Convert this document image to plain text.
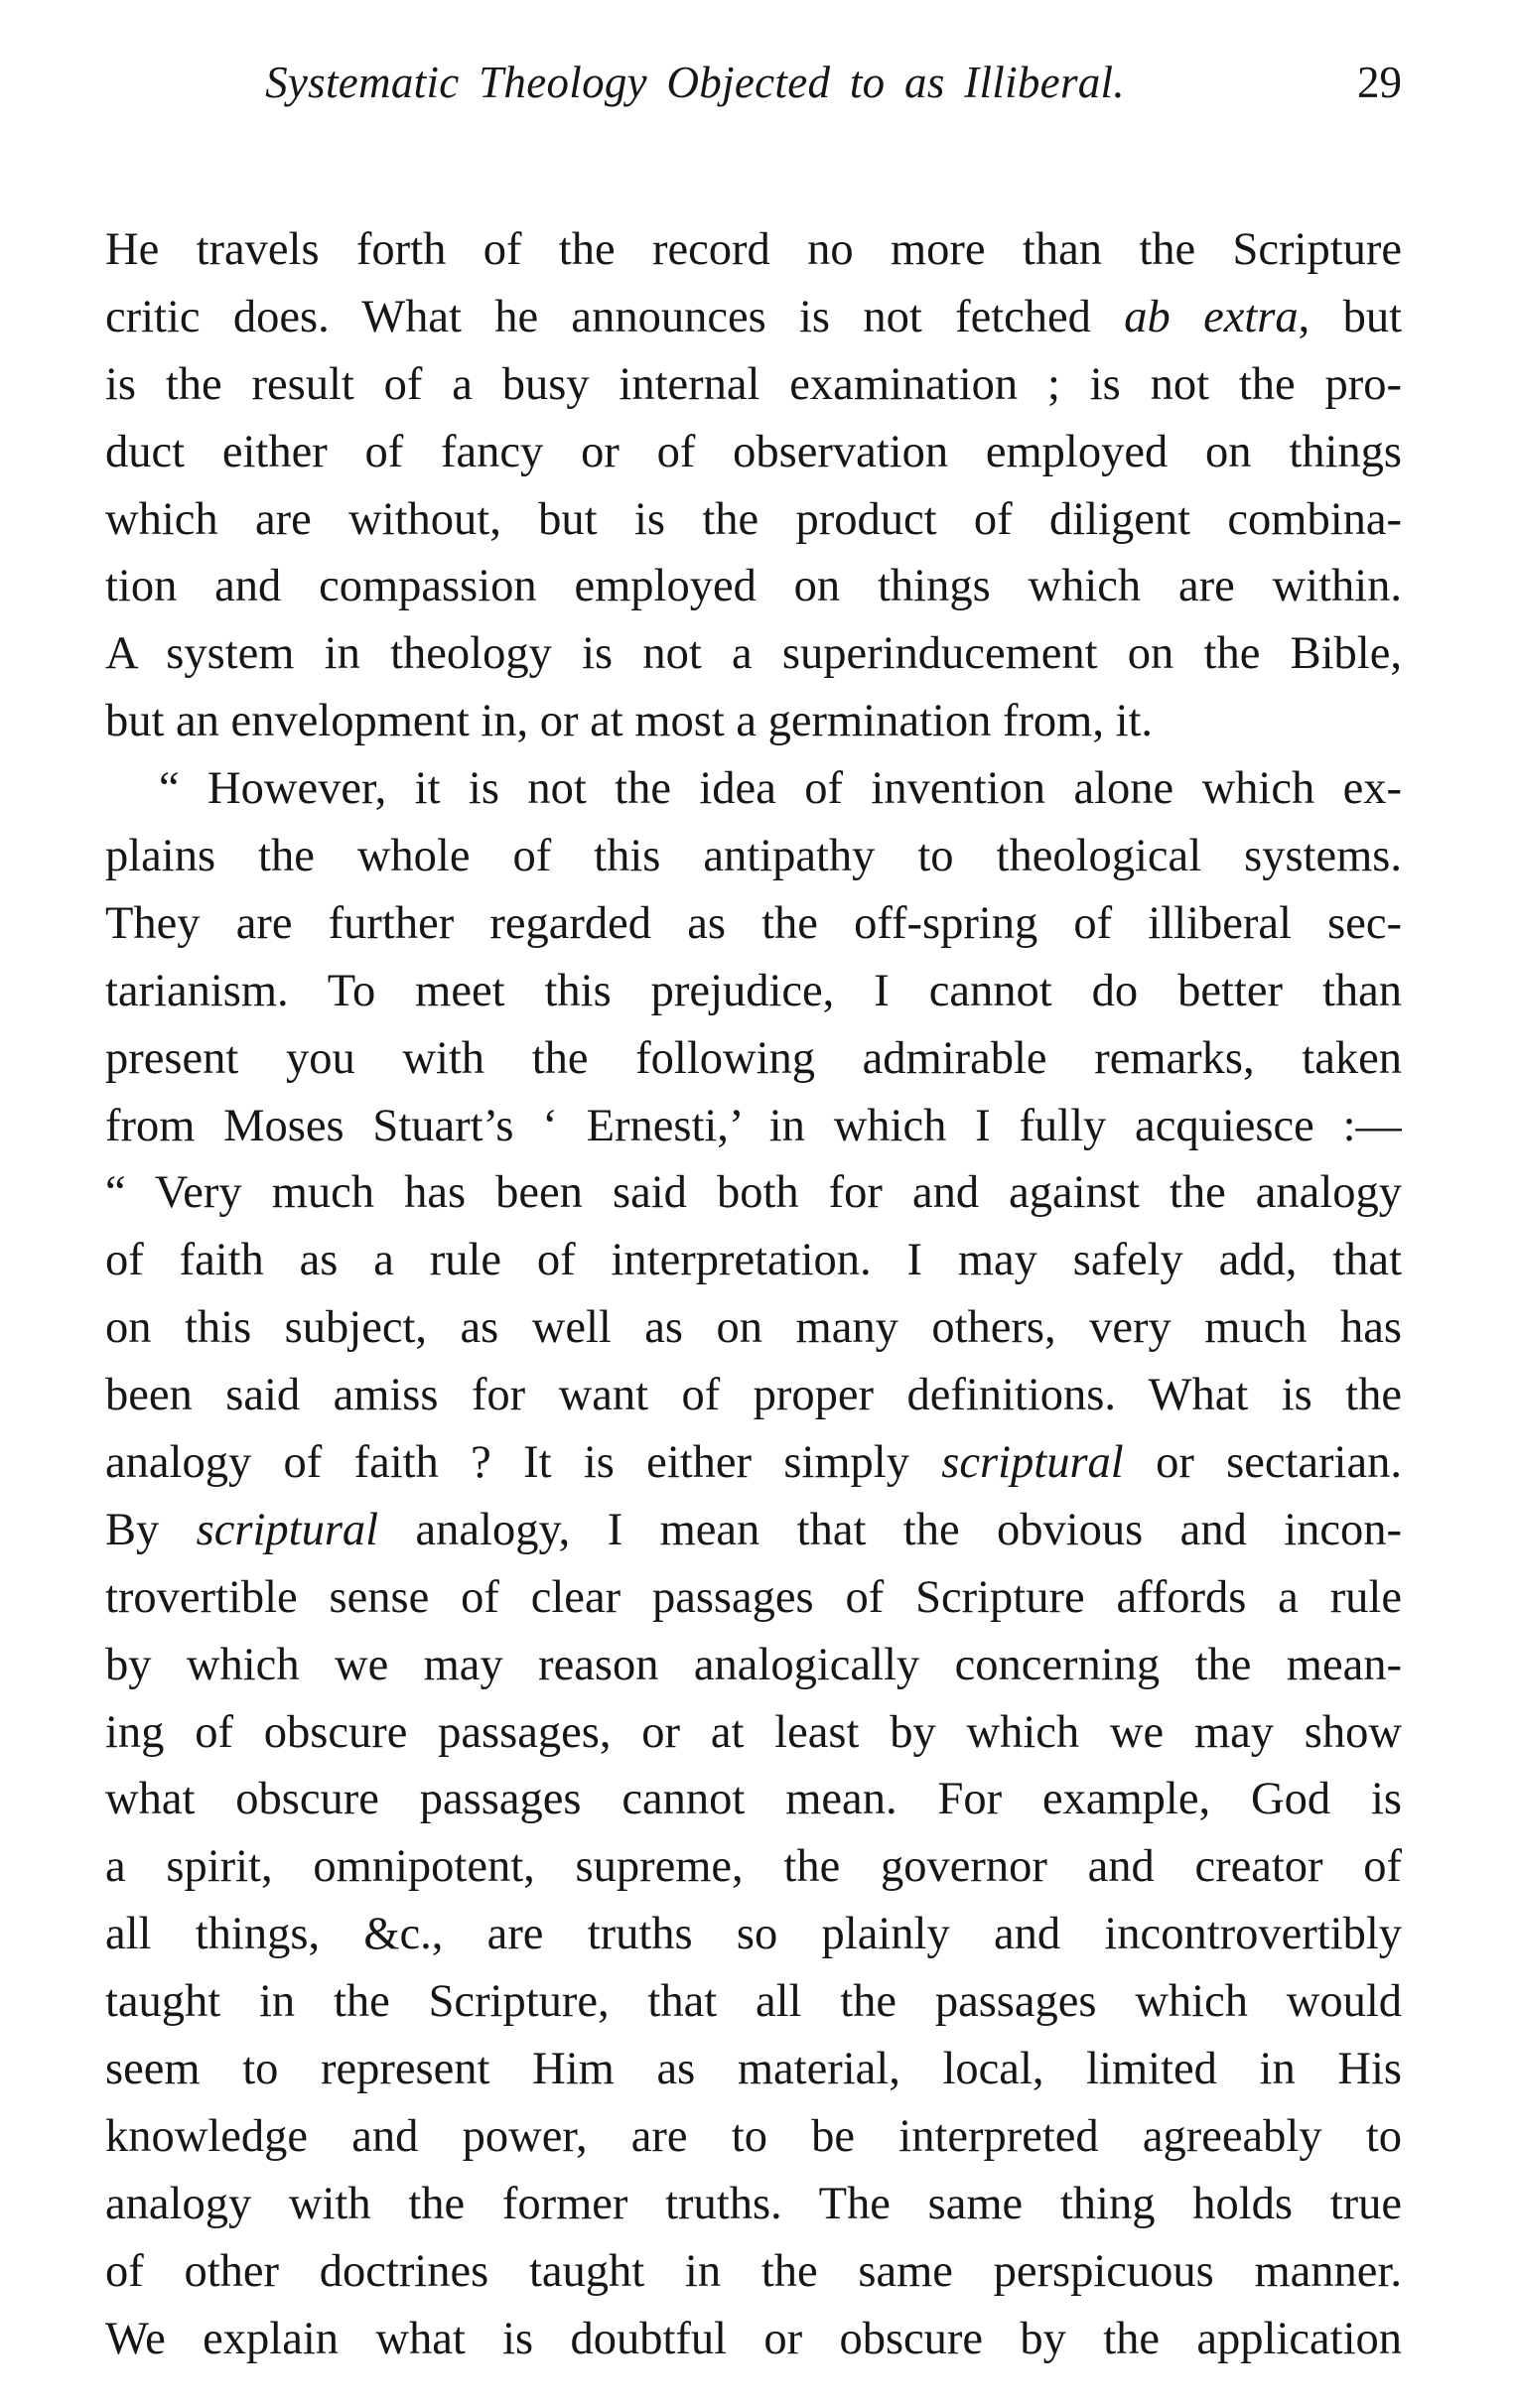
Systematic Theology Objected to as Illiberal.	29
He travels forth of the record no more than the Scripture
critic does. What he announces is not fetched ab extra, but
is the result of a busy internal examination ; is not the pro-
duct either of fancy or of observation employed on things
which are without, but is the product of diligent combina-
tion and compassion employed on things which are within.
A system in theology is not a superinducement on the Bible,
but an envelopment in, or at most a germination from, it.
“ However, it is not the idea of invention alone which ex-
plains the whole of this antipathy to theological systems.
They are further regarded as the off-spring of illiberal sec-
tarianism. To meet this prejudice, I cannot do better than
present you with the following admirable remarks, taken
from Moses Stuart’s ‘ Ernesti,’ in which I fully acquiesce :—
“ Very much has been said both for and against the analogy
of faith as a rule of interpretation. I may safely add, that
on this subject, as well as on many others, very much has
been said amiss for want of proper definitions. What is the
analogy of faith ? It is either simply scriptural or sectarian.
By scriptural analogy, I mean that the obvious and incon-
trovertible sense of clear passages of Scripture affords a rule
by which we may reason analogically concerning the mean-
ing of obscure passages, or at least by which we may show
what obscure passages cannot mean. For example, God is
a spirit, omnipotent, supreme, the governor and creator of
all things, &c., are truths so plainly and incontrovertibly
taught in the Scripture, that all the passages which would
seem to represent Him as material, local, limited in His
knowledge and power, are to be interpreted agreeably to
analogy with the former truths. The same thing holds true
of other doctrines taught in the same perspicuous manner.
We explain what is doubtful or obscure by the application
